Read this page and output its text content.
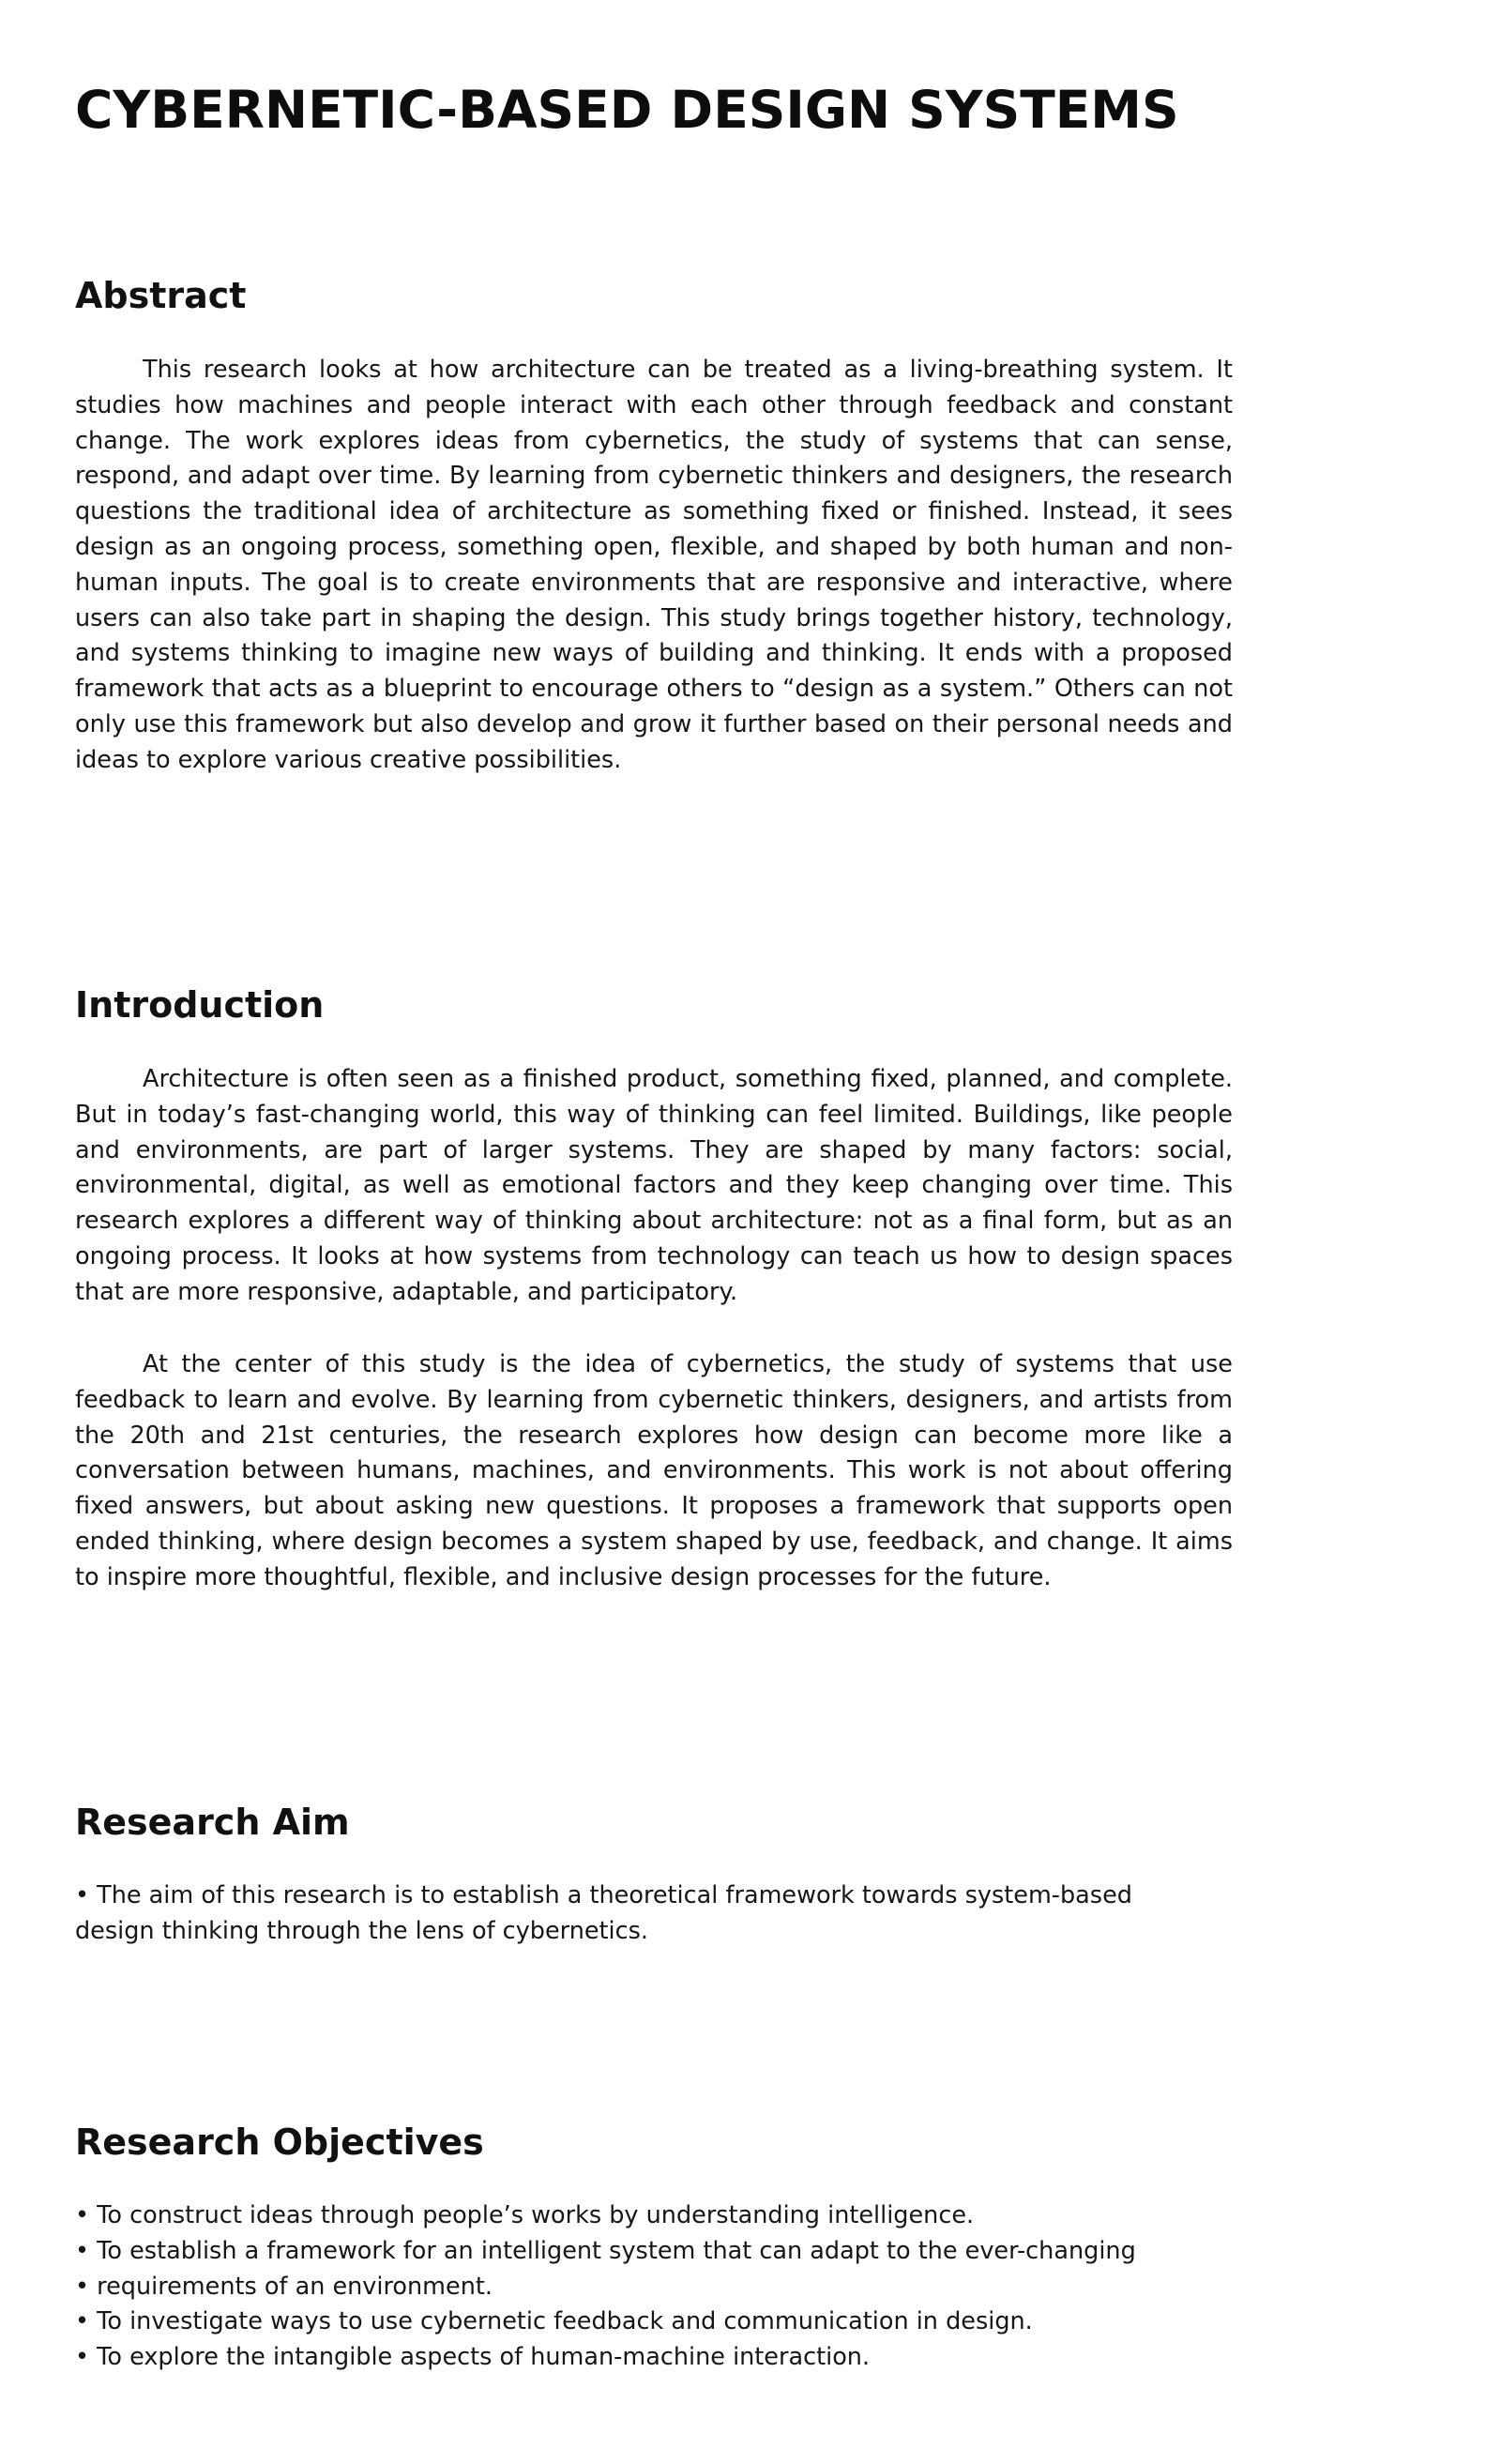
CYBERNETIC-BASED DESIGN SYSTEMS
Abstract

This research looks at how architecture can be treated as a living-breathing system. It studies how machines and people interact with each other through feedback and constant change. The work explores ideas from cybernetics, the study of systems that can sense, respond, and adapt over time. By learning from cybernetic thinkers and designers, the research questions the traditional idea of architecture as something fixed or finished. Instead, it sees design as an ongoing process, something open, flexible, and shaped by both human and non-human inputs. The goal is to create environments that are responsive and interactive, where users can also take part in shaping the design. This study brings together history, technology, and systems thinking to imagine new ways of building and thinking. It ends with a proposed framework that acts as a blueprint to encourage others to “design as a system.” Others can not only use this framework but also develop and grow it further based on their personal needs and ideas to explore various creative possibilities.

Introduction

Architecture is often seen as a finished product, something fixed, planned, and complete. But in today’s fast-changing world, this way of thinking can feel limited. Buildings, like people and environments, are part of larger systems. They are shaped by many factors: social, environmental, digital, as well as emotional factors and they keep changing over time. This research explores a different way of thinking about architecture: not as a final form, but as an ongoing process. It looks at how systems from technology can teach us how to design spaces that are more responsive, adaptable, and participatory.

At the center of this study is the idea of cybernetics, the study of systems that use feedback to learn and evolve. By learning from cybernetic thinkers, designers, and artists from the 20th and 21st centuries, the research explores how design can become more like a conversation between humans, machines, and environments. This work is not about offering fixed answers, but about asking new questions. It proposes a framework that supports open ended thinking, where design becomes a system shaped by use, feedback, and change. It aims to inspire more thoughtful, flexible, and inclusive design processes for the future.

Research Aim
• The aim of this research is to establish a theoretical framework towards system-based
design thinking through the lens of cybernetics.
Research Objectives
• To construct ideas through people’s works by understanding intelligence.
• To establish a framework for an intelligent system that can adapt to the ever-changing
• requirements of an environment.
• To investigate ways to use cybernetic feedback and communication in design.
• To explore the intangible aspects of human-machine interaction.
